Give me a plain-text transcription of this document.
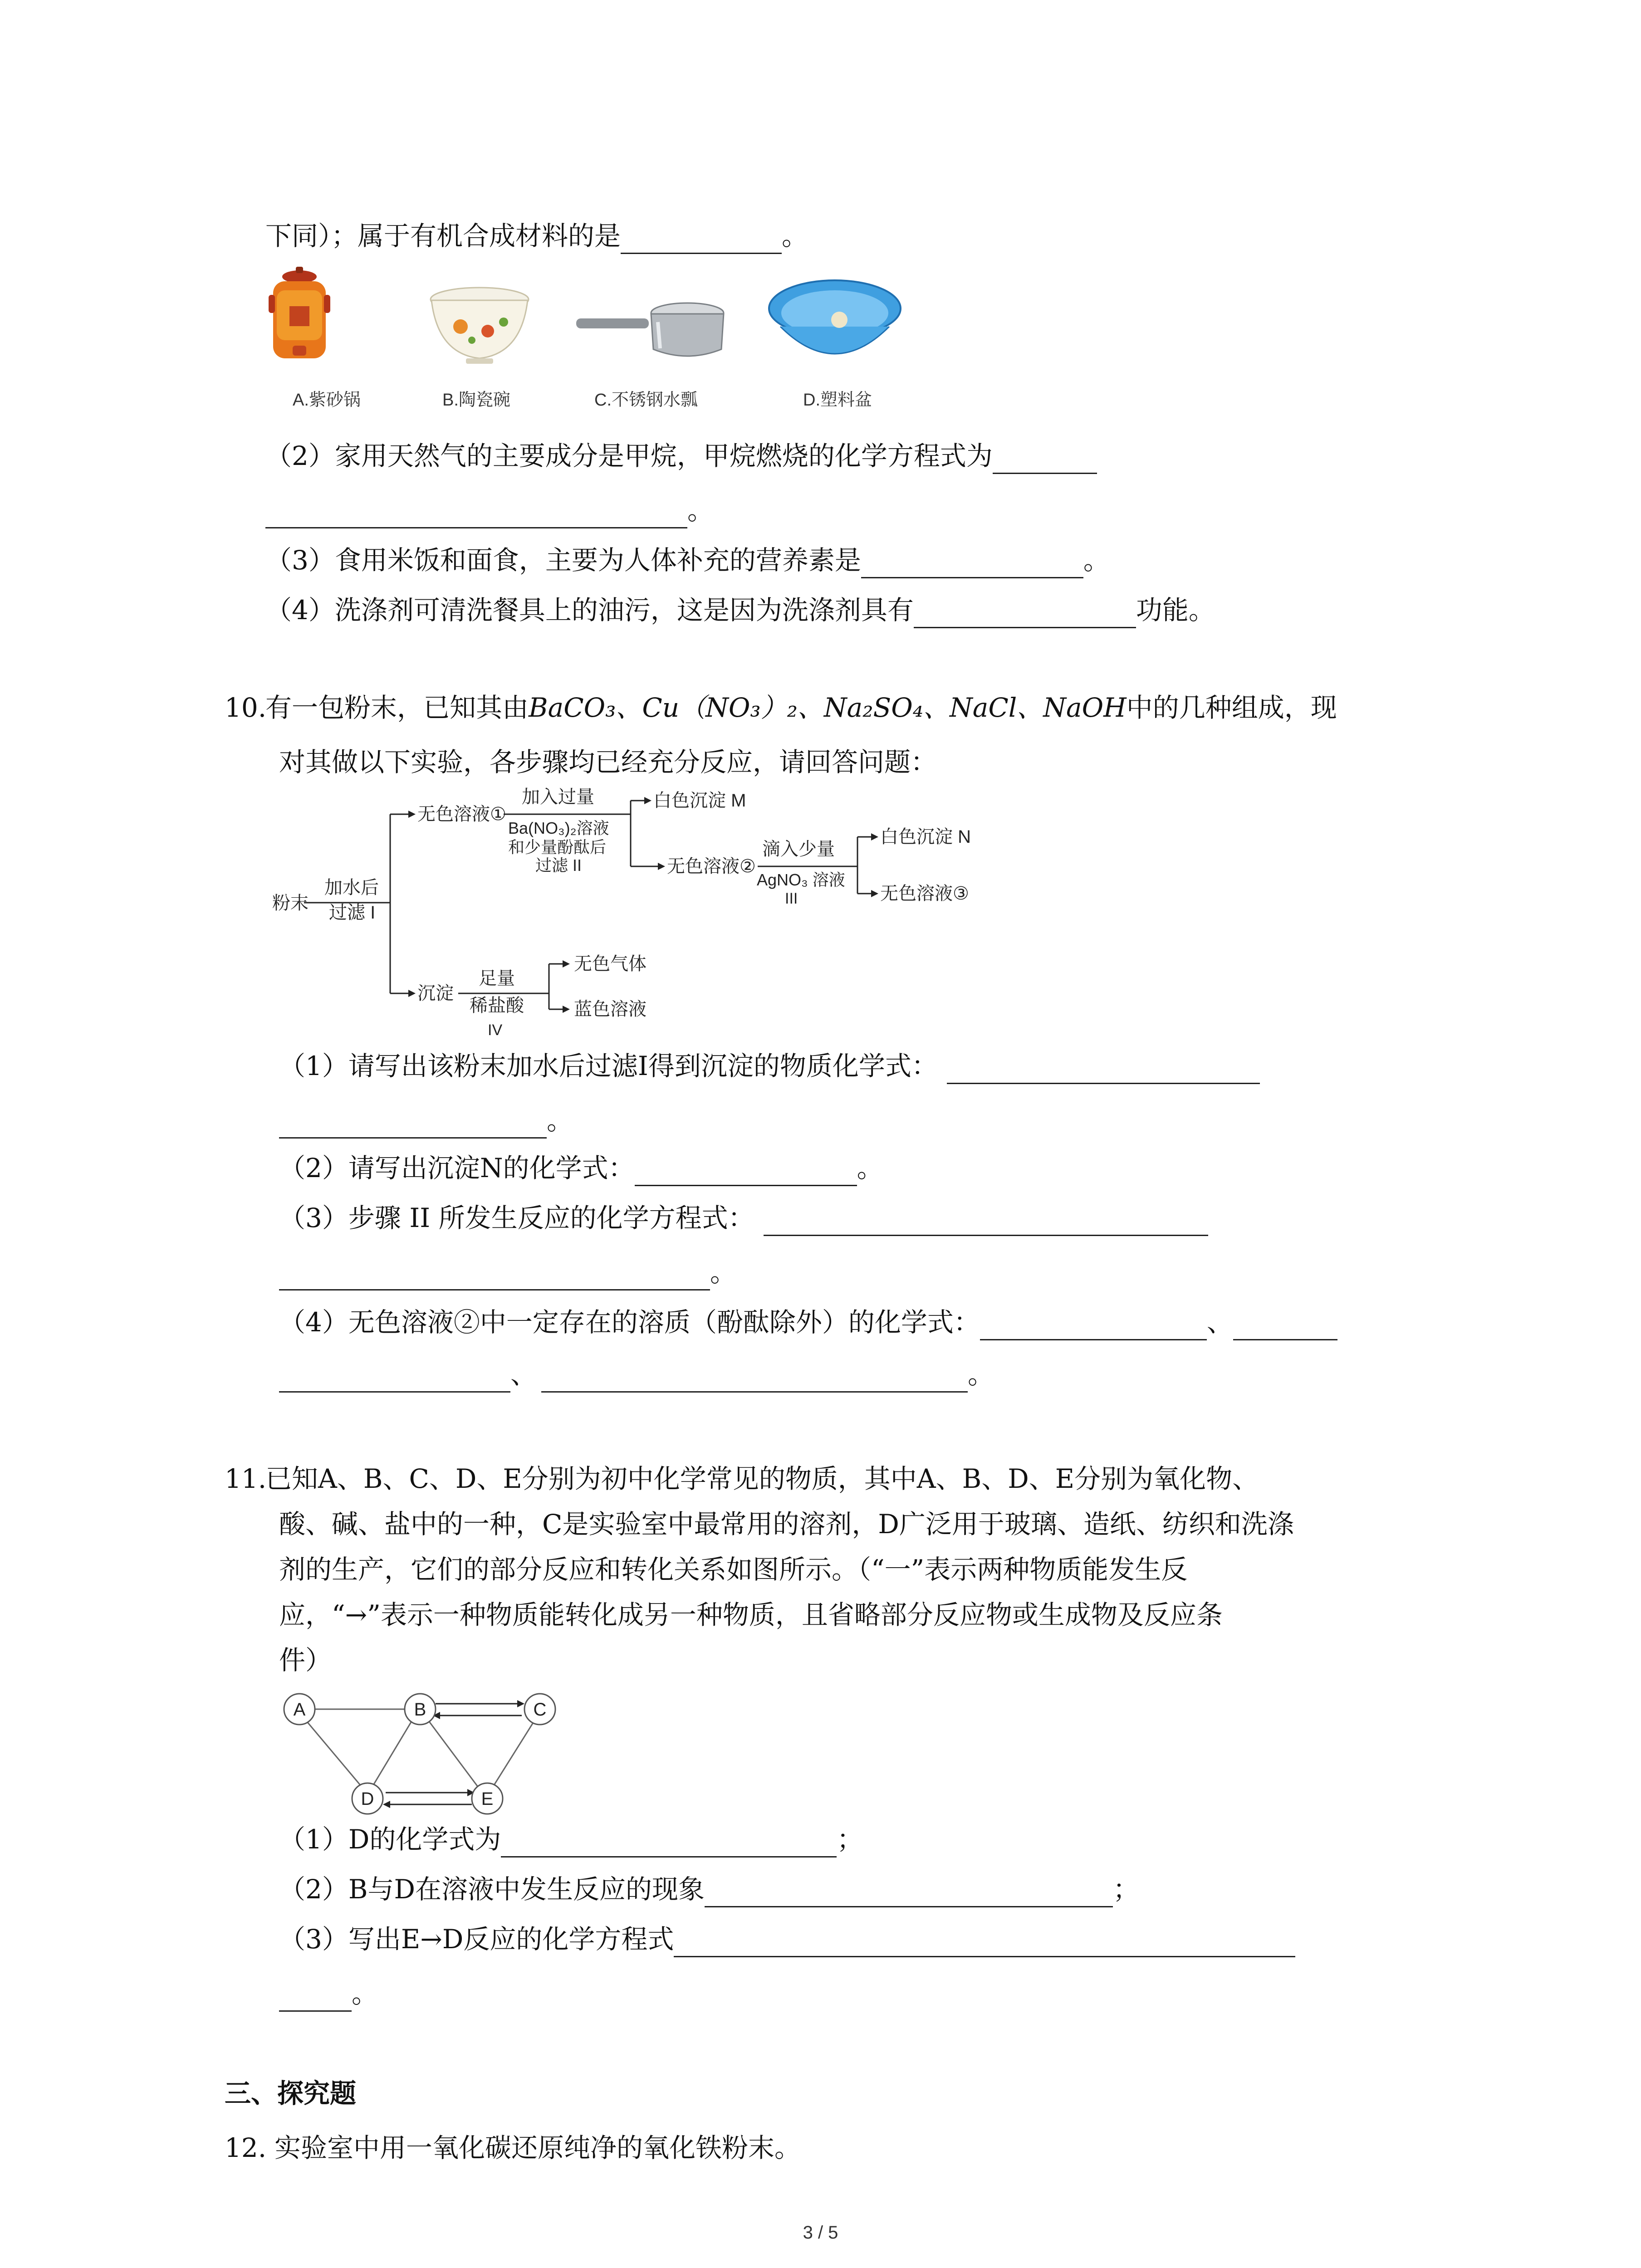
下同）；属于有机合成材料的是	。
A.紫砂锅	B.陶瓷碗	C.不锈钢水瓢	D.塑料盆
（2）家用天然气的主要成分是甲烷，甲烷燃烧的化学方程式为
。
（3）食用米饭和面食，主要为人体补充的营养素是	。
（4）洗涤剂可清洗餐具上的油污，这是因为洗涤剂具有	功能。
10.有一包粉末，已知其由BaCO₃、Cu（NO₃）₂、Na₂SO₄、NaCl、NaOH中的几种组成，现
对其做以下实验，各步骤均已经充分反应，请回答问题：
粉末
加水后
过滤 I
无色溶液①
加入过量
Ba(NO₃)₂溶液
和少量酚酞后
过滤 II
白色沉淀 M
无色溶液②
滴入少量
AgNO₃ 溶液
III
白色沉淀 N
无色溶液③
沉淀
足量
稀盐酸
IV
无色气体
蓝色溶液
（1）请写出该粉末加水后过滤I得到沉淀的物质化学式：
。
（2）请写出沉淀N的化学式：	。
（3）步骤 II 所发生反应的化学方程式：
。
（4）无色溶液②中一定存在的溶质（酚酞除外）的化学式：	、
、	。
11.已知A、B、C、D、E分别为初中化学常见的物质，其中A、B、D、E分别为氧化物、
酸、碱、盐中的一种，C是实验室中最常用的溶剂，D广泛用于玻璃、造纸、纺织和洗涤
剂的生产，它们的部分反应和转化关系如图所示。（“一”表示两种物质能发生反
应，“→”表示一种物质能转化成另一种物质，且省略部分反应物或生成物及反应条
件）
A	B	C
D	E
（1）D的化学式为	；
（2）B与D在溶液中发生反应的现象	；
（3）写出E→D反应的化学方程式
。
三、探究题
12. 实验室中用一氧化碳还原纯净的氧化铁粉末。
3 / 5
